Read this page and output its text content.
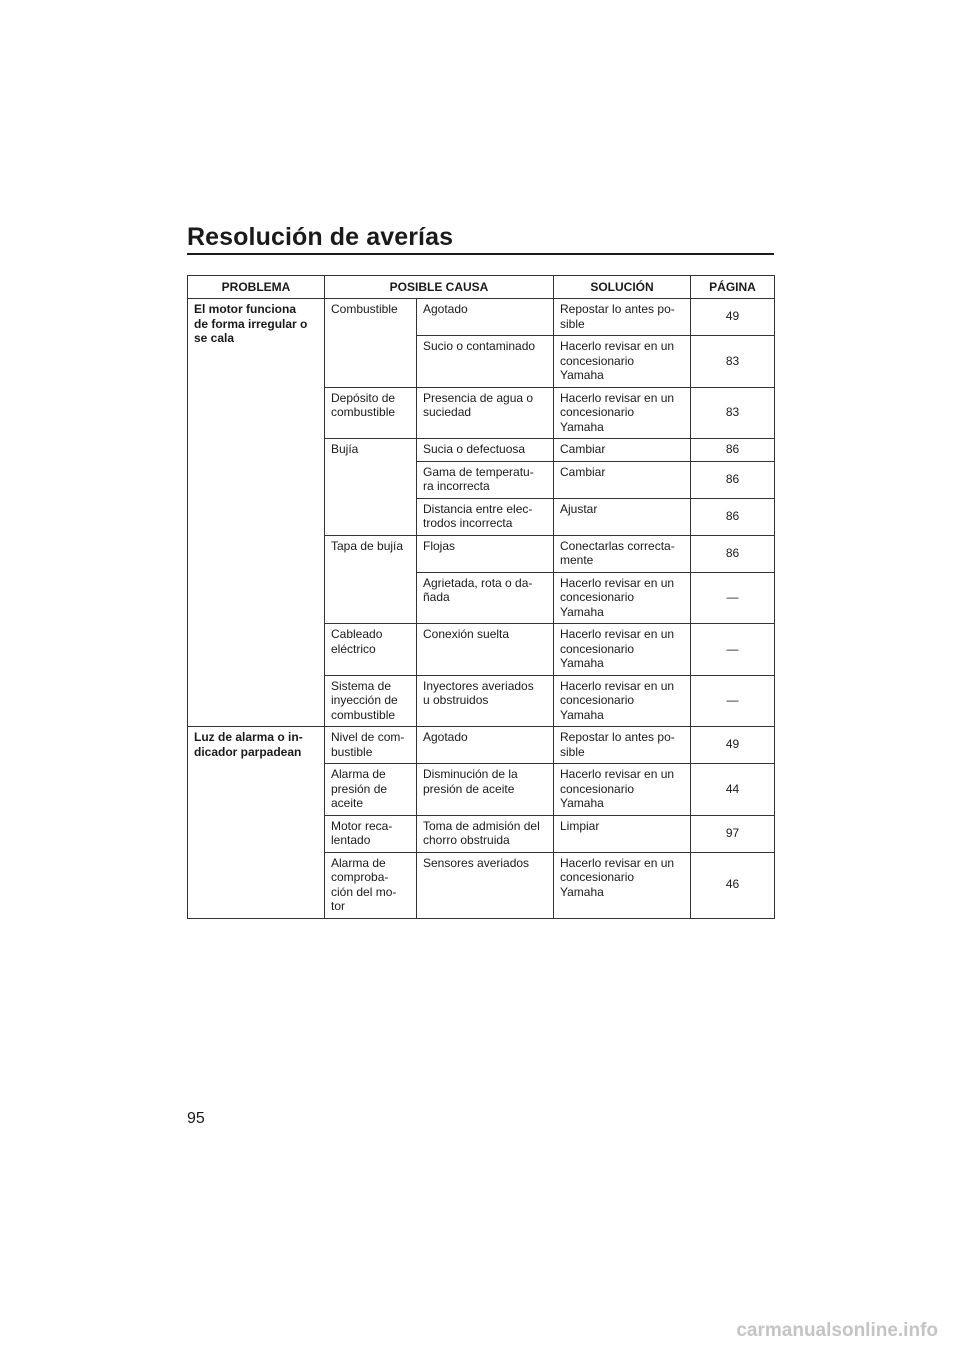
Resolución de averías
PROBLEMA	POSIBLE CAUSA		SOLUCIÓN	PÁGINA
El motor funciona
de forma irregular o
se cala	Combustible	Agotado	Repostar lo antes po-
sible	49
		Sucio o contaminado	Hacerlo revisar en un
concesionario
Yamaha	83
	Depósito de
combustible	Presencia de agua o
suciedad	Hacerlo revisar en un
concesionario
Yamaha	83
	Bujía	Sucia o defectuosa	Cambiar	86
		Gama de temperatu-
ra incorrecta	Cambiar	86
		Distancia entre elec-
trodos incorrecta	Ajustar	86
	Tapa de bujía	Flojas	Conectarlas correcta-
mente	86
		Agrietada, rota o da-
ñada	Hacerlo revisar en un
concesionario
Yamaha	—
	Cableado
eléctrico	Conexión suelta	Hacerlo revisar en un
concesionario
Yamaha	—
	Sistema de
inyección de
combustible	Inyectores averiados
u obstruidos	Hacerlo revisar en un
concesionario
Yamaha	—
Luz de alarma o in-
dicador parpadean	Nivel de com-
bustible	Agotado	Repostar lo antes po-
sible	49
	Alarma de
presión de
aceite	Disminución de la
presión de aceite	Hacerlo revisar en un
concesionario
Yamaha	44
	Motor reca-
lentado	Toma de admisión del
chorro obstruida	Limpiar	97
	Alarma de
comproba-
ción del mo-
tor	Sensores averiados	Hacerlo revisar en un
concesionario
Yamaha	46

95

carmanualsonline.info
